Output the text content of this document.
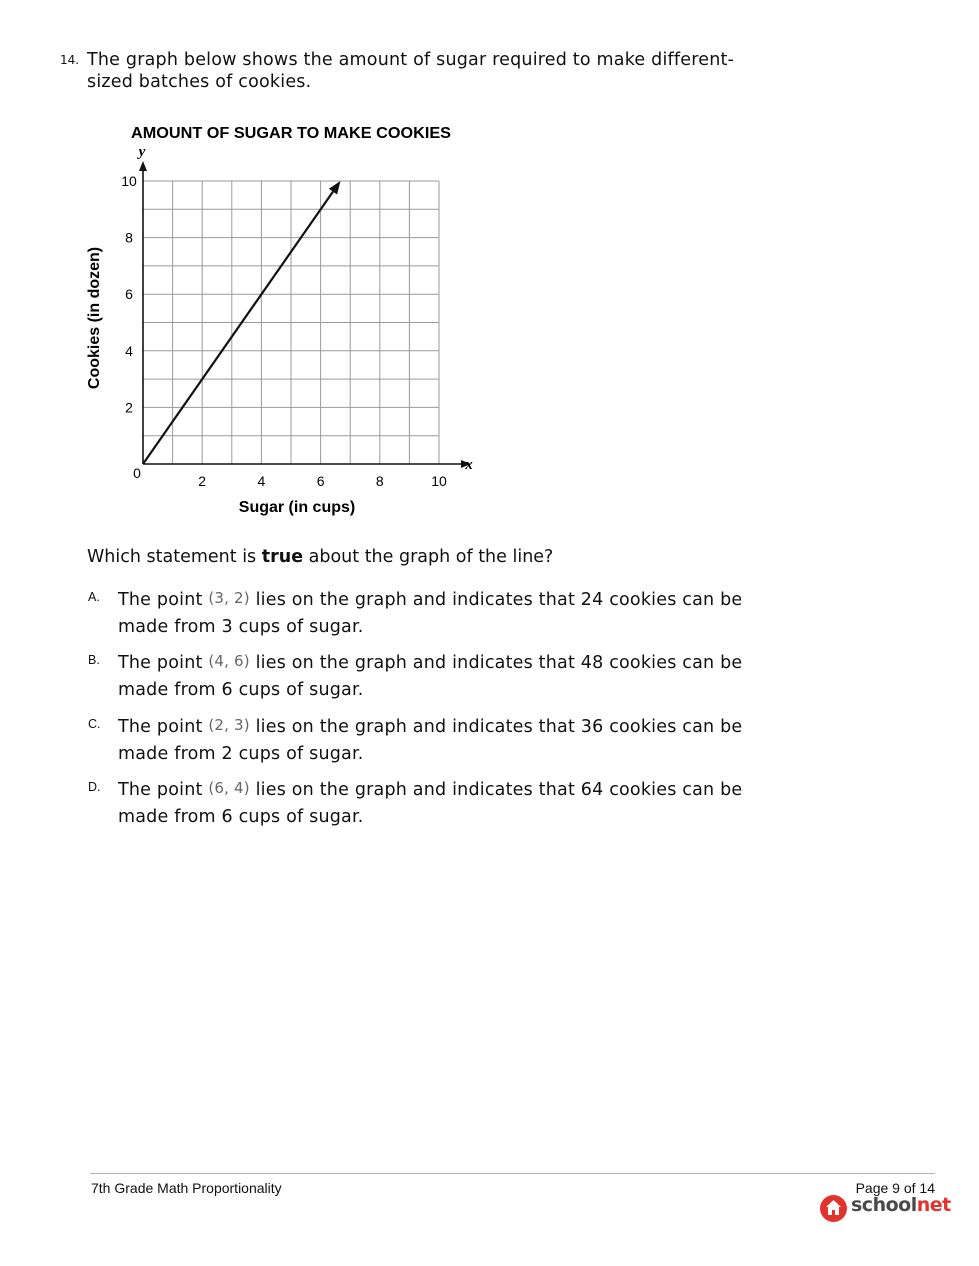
14. The graph below shows the amount of sugar required to make different-sized batches of cookies.
AMOUNT OF SUGAR TO MAKE COOKIES
2	4	6	8	10
2
4
6
8
10
0
y
x
Sugar (in cups)
Cookies (in dozen)
Which statement is true about the graph of the line?
A. The point (3, 2) lies on the graph and indicates that 24 cookies can be made from 3 cups of sugar.
B. The point (4, 6) lies on the graph and indicates that 48 cookies can be made from 6 cups of sugar.
C. The point (2, 3) lies on the graph and indicates that 36 cookies can be made from 2 cups of sugar.
D. The point (6, 4) lies on the graph and indicates that 64 cookies can be made from 6 cups of sugar.
7th Grade Math Proportionality	Page 9 of 14
schoolnet
